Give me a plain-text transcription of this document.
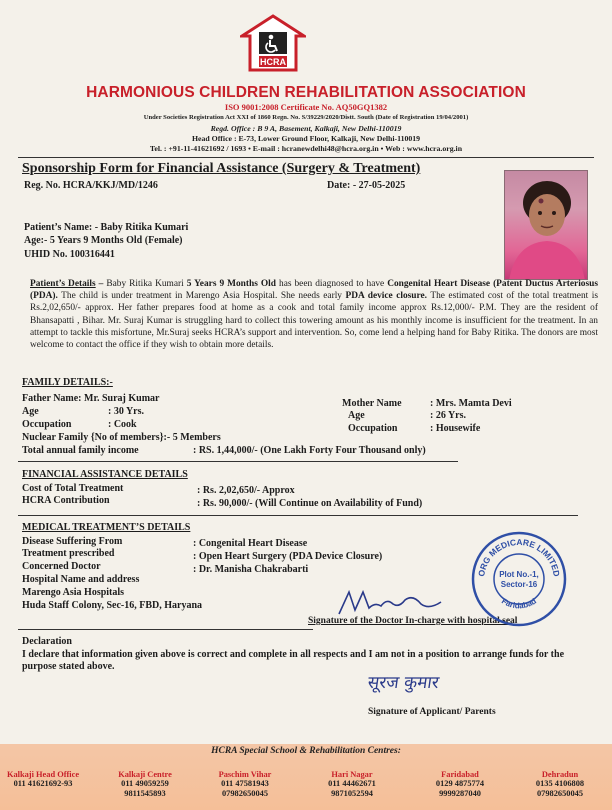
HCRA
HARMONIOUS CHILDREN REHABILITATION ASSOCIATION
ISO 9001:2008 Certificate No. AQ50GQ1382
Under Societies Registration Act XXI of 1860 Regn. No. S/39229/2020/Distt. South (Date of Registration 19/04/2001)
Regd. Office : B 9 A, Basement, Kalkaji, New Delhi-110019
Head Office : E-73, Lower Ground Floor, Kalkaji, New Delhi-110019
Tel. : +91-11-41621692 / 1693 • E-mail : hcranewdelhi48@hcra.org.in • Web : www.hcra.org.in
Sponsorship Form for Financial Assistance (Surgery & Treatment)
Reg. No. HCRA/KKJ/MD/1246	Date: - 27-05-2025
Patient’s Name: - Baby Ritika Kumari
Age:- 5 Years 9 Months Old (Female)
UHID No. 100316441
Patient’s Details – Baby Ritika Kumari 5 Years 9 Months Old has been diagnosed to have Congenital Heart Disease (Patent Ductus Arteriosus (PDA). The child is under treatment in Marengo Asia Hospital. She needs early PDA device closure. The estimated cost of the total treatment is Rs.2,02,650/- approx. Her father prepares food at home as a cook and total family income approx Rs.12,000/- P.M. They are the resident of Bhansapatti , Bihar. Mr. Suraj Kumar is struggling hard to collect this towering amount as his monthly income is insufficient for the treatment. In an attempt to tackle this misfortune, Mr.Suraj seeks HCRA’s support and intervention. So, come lend a helping hand for Baby Ritika. The donors are most welcome to contact the office if they wish to obtain more details.
FAMILY DETAILS:-
Father Name: Mr. Suraj Kumar
Age	: 30 Yrs.
Occupation	: Cook
Mother Name	: Mrs. Mamta Devi
Age	: 26 Yrs.
Occupation	: Housewife
Nuclear Family {No of members}:- 5 Members
Total annual family income	: RS. 1,44,000/- (One Lakh Forty Four Thousand only)
FINANCIAL ASSISTANCE DETAILS
Cost of Total Treatment	: Rs. 2,02,650/- Approx
HCRA Contribution	: Rs. 90,000/- (Will Continue on Availability of Fund)
MEDICAL TREATMENT’S DETAILS
Disease Suffering From	: Congenital Heart Disease
Treatment prescribed	: Open Heart Surgery (PDA Device Closure)
Concerned Doctor	: Dr. Manisha Chakrabarti
Hospital Name and address
Marengo Asia Hospitals
Huda Staff Colony, Sec-16, FBD, Haryana
Signature of the Doctor In-charge with hospital seal
ORG MEDICARE LIMITED
Plot No.-1,
Sector-16
Faridabad
Declaration
I declare that information given above is correct and complete in all respects and I am not in a position to arrange funds for the purpose stated above.
सूरज कुमार
Signature of Applicant/ Parents
HCRA Special School & Rehabilitation Centres:
Kalkaji Head Office
011 41621692-93
Kalkaji Centre
011 49059259
9811545893
Paschim Vihar
011 47581943
07982650045
Hari Nagar
011 44462671
9871052594
Faridabad
0129 4875774
9999287040
Dehradun
0135 4106808
07982650045
